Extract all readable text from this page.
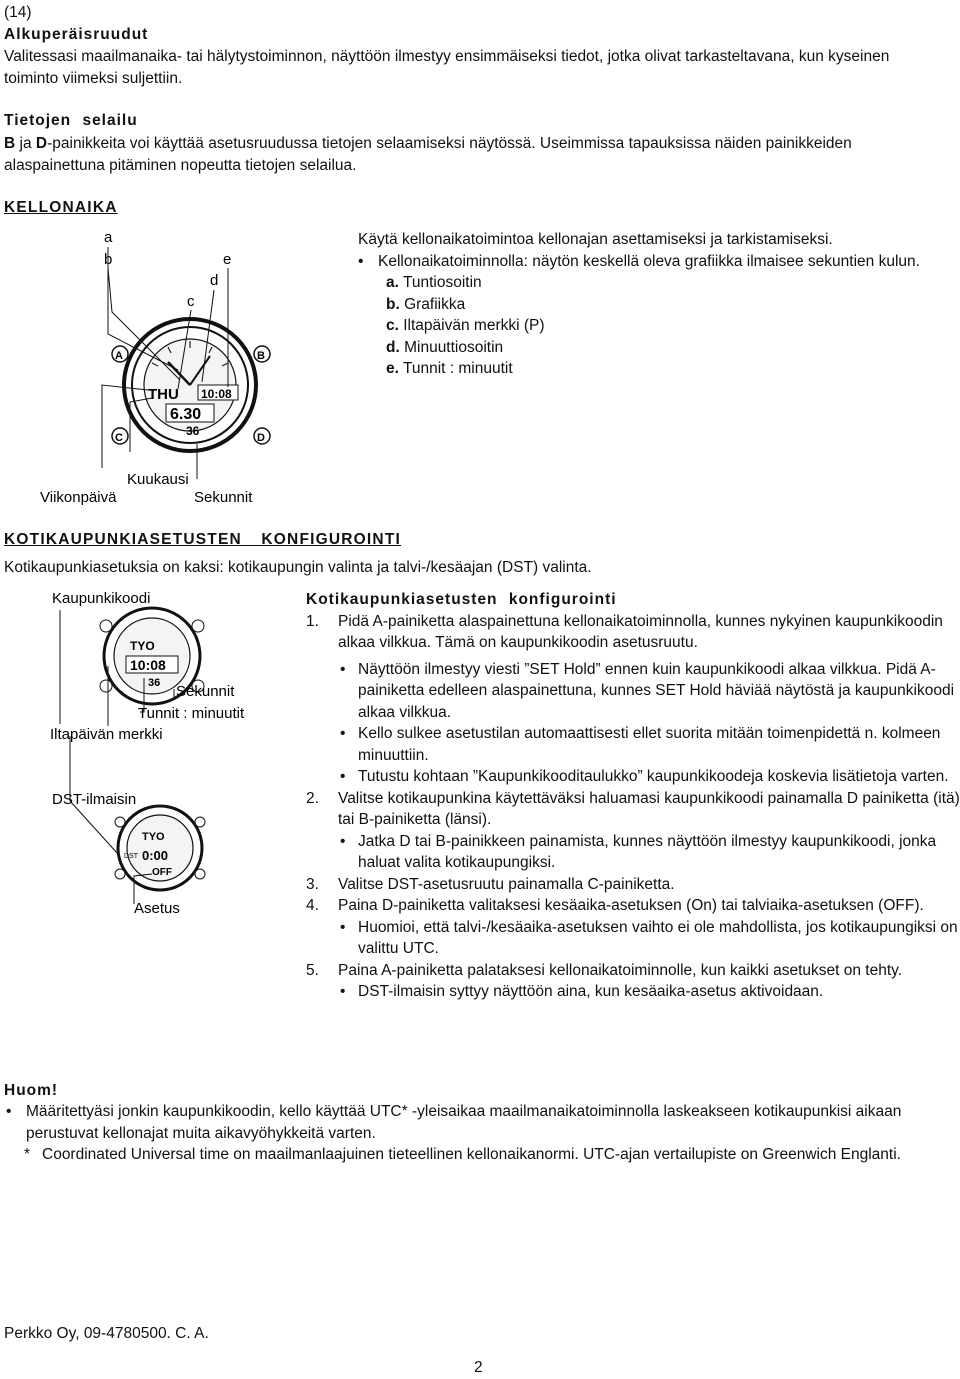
(14)
Alkuperäisruudut

Valitessasi maailmanaika- tai hälytystoiminnon, näyttöön ilmestyy ensimmäiseksi tiedot, jotka olivat tarkasteltavana, kun kyseinen toiminto viimeksi suljettiin.

Tietojen selailu

B ja D-painikkeita voi käyttää asetusruudussa tietojen selaamiseksi näytössä. Useimmissa tapauksissa näiden painikkeiden alaspainettuna pitäminen nopeutta tietojen selailua.

KELLONAIKA
a
b	e
d
c
A	B
C	D
THU 10:08
6.30
36
Kuukausi
Viikonpäivä	Sekunnit

Käytä kellonaikatoimintoa kellonajan asettamiseksi ja tarkistamiseksi.

• Kellonaikatoiminnolla: näytön keskellä oleva grafiikka ilmaisee sekuntien kulun.

a. Tuntiosoitin

b. Grafiikka

c. Iltapäivän merkki (P)

d. Minuuttiosoitin

e. Tunnit : minuutit

KOTIKAUPUNKIASETUSTEN KONFIGUROINTI

Kotikaupunkiasetuksia on kaksi: kotikaupungin valinta ja talvi-/kesäajan (DST) valinta.

Kaupunkikoodi
TYO
10:08
36 Sekunnit
Tunnit : minuutit
Iltapäivän merkki
DST-ilmaisin
TYO
DST 0:00
OFF
Asetus

Kotikaupunkiasetusten konfigurointi

1. Pidä A-painiketta alaspainettuna kellonaikatoiminnolla, kunnes nykyinen kaupunkikoodin alkaa vilkkua. Tämä on kaupunkikoodin asetusruutu.

• Näyttöön ilmestyy viesti ”SET Hold” ennen kuin kaupunkikoodi alkaa vilkkua. Pidä A-painiketta edelleen alaspainettuna, kunnes SET Hold häviää näytöstä ja kaupunkikoodi alkaa vilkkua.

• Kello sulkee asetustilan automaattisesti ellet suorita mitään toimenpidettä n. kolmeen minuuttiin.

• Tutustu kohtaan ”Kaupunkikooditaulukko” kaupunkikoodeja koskevia lisätietoja varten.

2. Valitse kotikaupunkina käytettäväksi haluamasi kaupunkikoodi painamalla D painiketta (itä) tai B-painiketta (länsi).

• Jatka D tai B-painikkeen painamista, kunnes näyttöön ilmestyy kaupunkikoodi, jonka haluat valita kotikaupungiksi.

3. Valitse DST-asetusruutu painamalla C-painiketta.

4. Paina D-painiketta valitaksesi kesäaika-asetuksen (On) tai talviaika-asetuksen (OFF).

• Huomioi, että talvi-/kesäaika-asetuksen vaihto ei ole mahdollista, jos kotikaupungiksi on valittu UTC.

5. Paina A-painiketta palataksesi kellonaikatoiminnolle, kun kaikki asetukset on tehty.

• DST-ilmaisin syttyy näyttöön aina, kun kesäaika-asetus aktivoidaan.

Huom!

• Määritettyäsi jonkin kaupunkikoodin, kello käyttää UTC* -yleisaikaa maailmanaikatoiminnolla laskeakseen kotikaupunkisi aikaan perustuvat kellonajat muita aikavyöhykkeitä varten.

* Coordinated Universal time on maailmanlaajuinen tieteellinen kellonaikanormi. UTC-ajan vertailupiste on Greenwich Englanti.

Perkko Oy, 09-4780500. C. A.
2
